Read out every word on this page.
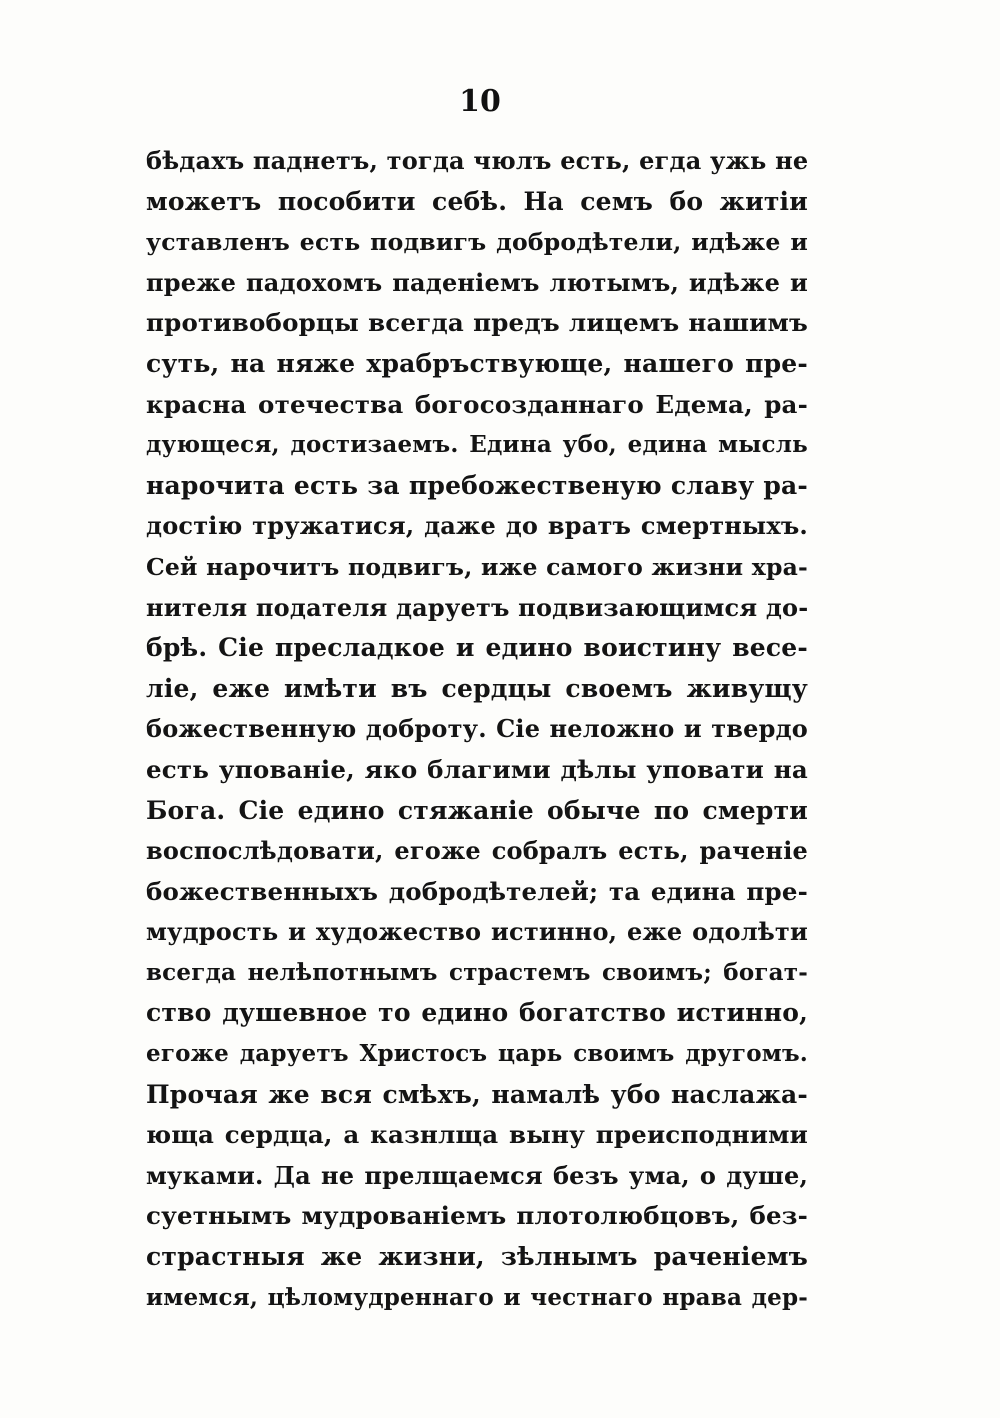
10
бѣдахъ паднетъ, тогда чюлъ есть, егда ужь не
можетъ пособити себѣ. На семъ бо житіи
уставленъ есть подвигъ добродѣтели, идѣже и
преже падохомъ паденіемъ лютымъ, идѣже и
противоборцы всегда предъ лицемъ нашимъ
суть, на няже храбръствующе, нашего пре-
красна отечества богосозданнаго Едема, ра-
дующеся, достизаемъ. Едина убо, едина мысль
нарочита есть за пребожественую славу ра-
достію тружатися, даже до вратъ смертныхъ.
Сей нарочитъ подвигъ, иже самого жизни хра-
нителя подателя даруетъ подвизающимся до-
брѣ. Сіе пресладкое и едино воистину весе-
ліе, еже имѣти въ сердцы своемъ живущу
божественную доброту. Сіе неложно и твердо
есть упованіе, яко благими дѣлы уповати на
Бога. Сіе едино стяжаніе обыче по смерти
воспослѣдовати, егоже собралъ есть, раченіе
божественныхъ добродѣтелей; та едина пре-
мудрость и художество истинно, еже одолѣти
всегда нелѣпотнымъ страстемъ своимъ; богат-
ство душевное то едино богатство истинно,
егоже даруетъ Христосъ царь своимъ другомъ.
Прочая же вся смѣхъ, намалѣ убо наслажа-
юща сердца, а казнлща выну преисподними
муками. Да не прелщаемся безъ ума, о душе,
суетнымъ мудрованіемъ плотолюбцовъ, без-
страстныя же жизни, зѣлнымъ раченіемъ
имемся, цѣломудреннаго и честнаго нрава дер-
